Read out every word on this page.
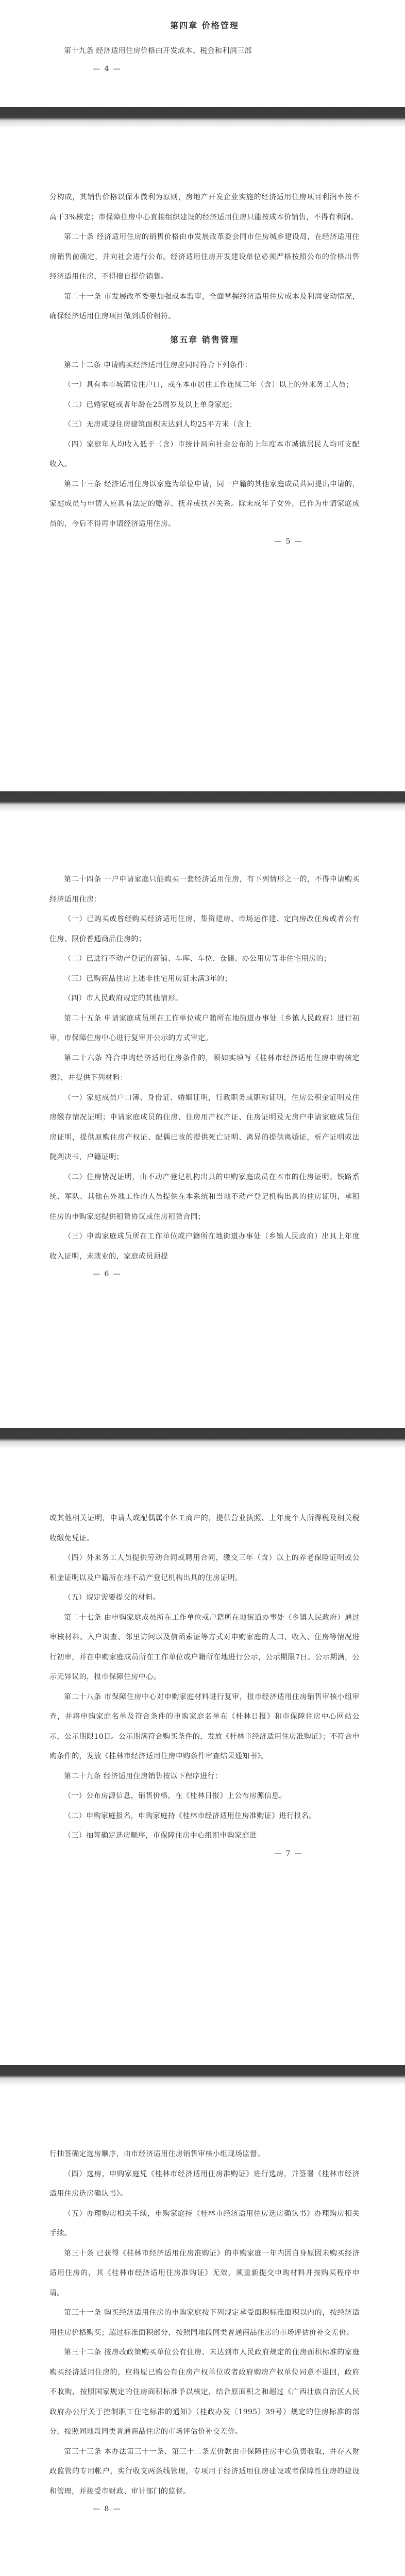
第四章 价格管理

第十九条 经济适用住房价格由开发成本、税金和利润三部

— 4 —

分构成，其销售价格以保本微利为原则，房地产开发企业实施的经济适用住房项目利润率按不高于3%核定；市保障住房中心直接组织建设的经济适用住房只能按成本价销售，不得有利润。

第二十条 经济适用住房的销售价格由市发展改革委会同市住房城乡建设局，在经济适用住房销售前确定，并向社会进行公布。经济适用住房开发建设单位必须严格按照公布的价格出售经济适用住房，不得擅自提价销售。

第二十一条 市发展改革委要加强成本监审，全面掌握经济适用住房成本及利润变动情况，确保经济适用住房项目做到质价相符。

第五章 销售管理

第二十二条 申请购买经济适用住房应同时符合下列条件：

（一）具有本市城镇常住户口，或在本市居住工作连续三年（含）以上的外来务工人员；

（二）已婚家庭或者年龄在25周岁及以上单身家庭；

（三）无房或现住房建筑面积未达到人均25平方米（含上

（四）家庭年人均收入低于（含）市统计局向社会公布的上年度本市城镇居民人均可支配收入。

第二十三条 经济适用住房以家庭为单位申请，同一户籍的其他家庭成员共同提出申请的，家庭成员与申请人应具有法定的赡养、抚养或扶养关系。除未成年子女外，已作为申请家庭成员的，今后不得再申请经济适用住房。

— 5 —

第二十四条 一户申请家庭只能购买一套经济适用住房，有下列情形之一的，不得申请购买经济适用住房：

（一）已购买或曾经购买经济适用住房、集资建房、市场运作建、定向房改住房或者公有住房、限价普通商品住房的；

（二）已进行不动产登记的商铺、车库、车位、仓储、办公用房等非住宅用房的；

（三）已购商品住房上述非住宅用房证未满3年的；

（四）市人民政府规定的其他情形。

第二十五条 申请家庭成员所在工作单位或户籍所在地街道办事处（乡镇人民政府）进行初审，市保障住房中心进行复审并公示的方式审定。

第二十六条 符合申购经济适用住房条件的，须如实填写《桂林市经济适用住房申购核定表》，并提供下列材料：

（一）家庭成员户口簿、身份证、婚姻证明，行政职务或职称证明，住房公积金证明及住房缴存情况证明；申请家庭成员的住房、住房用产权产证、住房证明及无房户申请家庭成员住房证明，提供原购住房产权证、配偶已故的提供死亡证明、离异的提供离婚证，析产证明或法院判决书，户籍证明；

（二）住房情况证明，由不动产登记机构出具的申购家庭成员在本市的住房证明。铁路系统、军队、其他在外地工作的人员提供在本系统和当地不动产登记机构出具的住房证明，承租住房的申购家庭提供租赁协议或住房租赁合同；

（三）申购家庭成员所在工作单位或户籍所在地街道办事处（乡镇人民政府）出具上年度收入证明，未就业的，家庭成员须提

— 6 —

或其他相关证明，申请人或配偶属个体工商户的，提供营业执照、上年度个人所得税及相关税收缴免凭证。

（四）外来务工人员提供劳动合同或聘用合同，缴交三年（含）以上的养老保险证明或公积金证明以及户籍所在地不动产登记机构出具的住房证明。

（五）规定需要提交的材料。

第二十七条 由申购家庭成员所在工作单位或户籍所在地街道办事处（乡镇人民政府）通过审核材料、入户调查、邻里访问以及信函索证等方式对申购家庭的人口、收入、住房等情况进行初审，并在申购家庭成员所在工作单位或户籍所在地进行公示，公示期限7日。公示期满，公示无异议的，报市保障住房中心。

第二十八条 市保障住房中心对申购家庭材料进行复审，报市经济适用住房销售审核小组审查，并将申购家庭名单及符合条件的申购家庭名单在《桂林日报》和市保障住房中心网站公示，公示期限10日。公示期满符合购买条件的，发放《桂林市经济适用住房准购证》；不符合申购条件的，发放《桂林市经济适用住房申购条件审查结果通知书》。

第二十九条 经济适用住房销售按以下程序进行：

（一）公布房源信息，销售价格，在《桂林日报》上公布房源信息。

（二）申购家庭报名，申购家庭持《桂林市经济适用住房准购证》进行报名。

（三）抽签确定选房顺序，市保障住房中心组织申购家庭进

— 7 —

行抽签确定选房顺序，由市经济适用住房销售审核小组现场监督。

（四）选房，申购家庭凭《桂林市经济适用住房准购证》进行选房，并签署《桂林市经济适用住房选房确认书》。

（五）办理购房相关手续，申购家庭持《桂林市经济适用住房选房确认书》办理购房相关手续。

第三十条 已获得《桂林市经济适用住房准购证》的申购家庭一年内因自身原因未购买经济适用住房的，其《桂林市经济适用住房准购证》无效，须重新提交申购材料并按购买程序申请。

第三十一条 购买经济适用住房的申购家庭按下列规定承受面积标准面积以内的，按经济适用住房价格购买；超过标准面积部分，按照同地段同类普通商品住房的市场评估价补交差价。

第三十二条 按房改政策购买单位公有住房、未达到市人民政府规定的住房面积标准的家庭购买经济适用住房的，应将原已购公有住房产权单位或者政府购房产权单位同意不退回，政府不收购，按照国家规定的住房面积标准予以核定，结合原面积之和超过《广西壮族自治区人民政府办公厅关于控制职工住宅标准的通知》（桂政办发〔1995〕39号）规定的住房标准的部分，按照同地段同类普通商品住房的市场评估价补交差价。

第三十三条 本办法第三十一条、第三十二条差价款由市保障住房中心负责收取，并存入财政监管的专用帐户，实行收支两条线管理，专项用于经济适用住房建设或者保障性住房的建设和管理，并接受市财政、审计部门的监督。

— 8 —
